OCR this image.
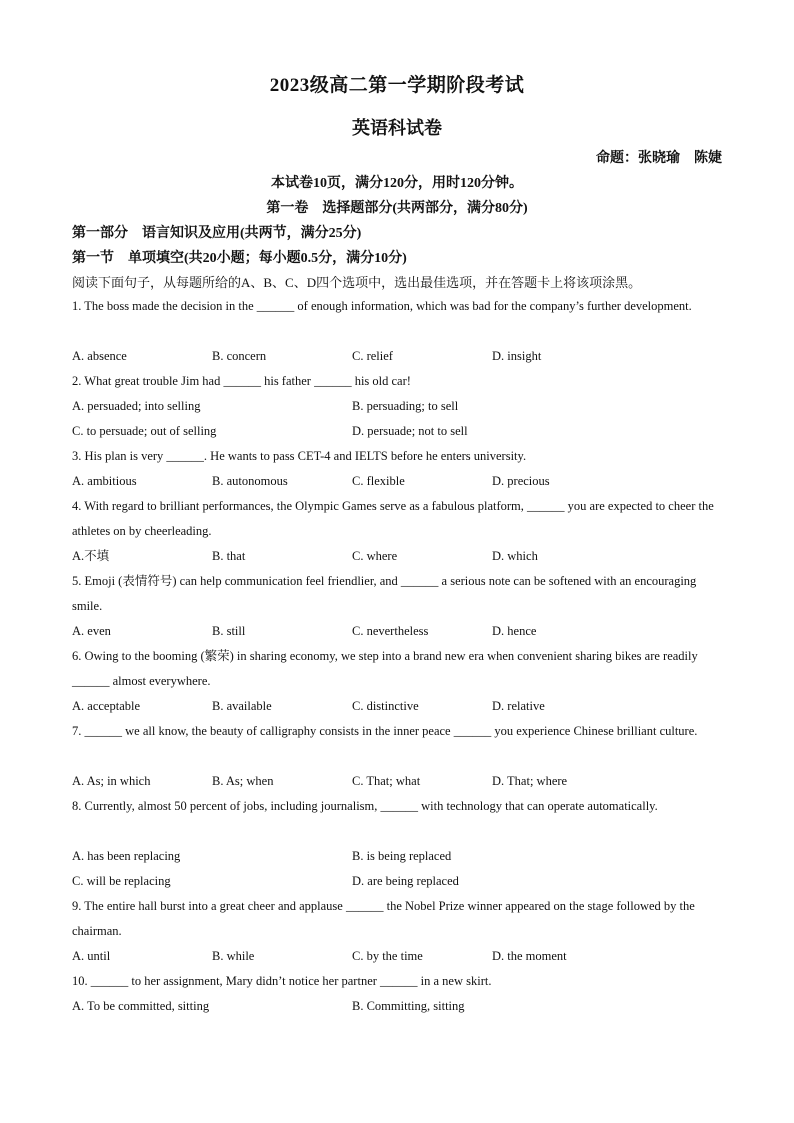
2023级高二第一学期阶段考试
英语科试卷
命题：张晓瑜　陈婕
本试卷10页，满分120分，用时120分钟。
第一卷　选择题部分(共两部分，满分80分)
第一部分　语言知识及应用(共两节，满分25分)
第一节　单项填空(共20小题；每小题0.5分，满分10分)
阅读下面句子，从每题所给的A、B、C、D四个选项中，选出最佳选项，并在答题卡上将该项涂黑。
1. The boss made the decision in the ______ of enough information, which was bad for the company’s further development.
A. absence	B. concern	C. relief	D. insight
2. What great trouble Jim had ______ his father ______ his old car!
A. persuaded; into selling	B. persuading; to sell
C. to persuade; out of selling	D. persuade; not to sell
3. His plan is very ______. He wants to pass CET-4 and IELTS before he enters university.
A. ambitious	B. autonomous	C. flexible	D. precious
4. With regard to brilliant performances, the Olympic Games serve as a fabulous platform, ______ you are expected to cheer the athletes on by cheerleading.
A.不填	B. that	C. where	D. which
5. Emoji (表情符号) can help communication feel friendlier, and ______ a serious note can be softened with an encouraging smile.
A. even	B. still	C. nevertheless	D. hence
6. Owing to the booming (繁荣) in sharing economy, we step into a brand new era when convenient sharing bikes are readily ______ almost everywhere.
A. acceptable	B. available	C. distinctive	D. relative
7. ______ we all know, the beauty of calligraphy consists in the inner peace ______ you experience Chinese brilliant culture.
A. As; in which	B. As; when	C. That; what	D. That; where
8. Currently, almost 50 percent of jobs, including journalism, ______ with technology that can operate automatically.
A. has been replacing	B. is being replaced
C. will be replacing	D. are being replaced
9. The entire hall burst into a great cheer and applause ______ the Nobel Prize winner appeared on the stage followed by the chairman.
A. until	B. while	C. by the time	D. the moment
10. ______ to her assignment, Mary didn’t notice her partner ______ in a new skirt.
A. To be committed, sitting	B. Committing, sitting
